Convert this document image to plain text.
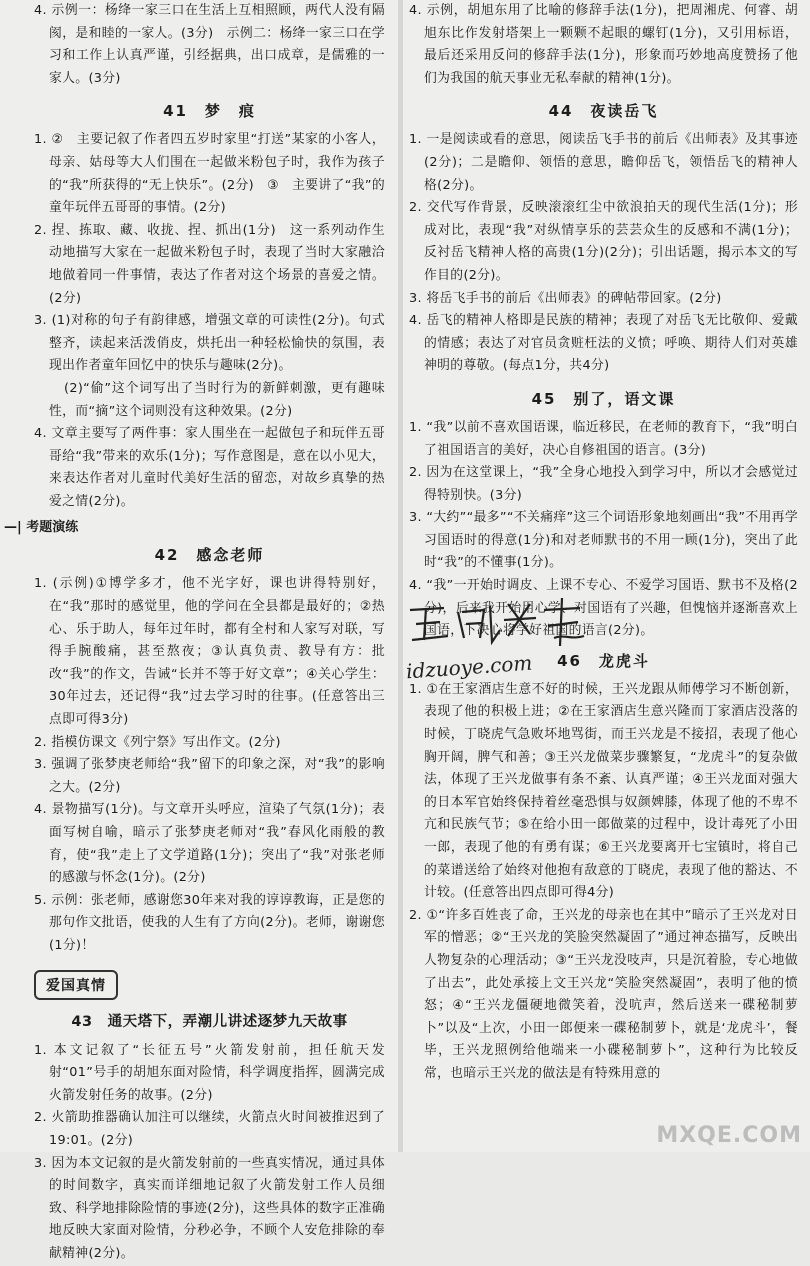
4. 示例一：杨绛一家三口在生活上互相照顾，两代人没有隔阂，是和睦的一家人。(3分)　示例二：杨绛一家三口在学习和工作上认真严谨，引经据典，出口成章，是儒雅的一家人。(3分)

41　梦　痕

1. ②　主要记叙了作者四五岁时家里“打送”某家的小客人，母亲、姑母等大人们围在一起做米粉包子时，我作为孩子的“我”所获得的“无上快乐”。(2分)　③　主要讲了“我”的童年玩伴五哥哥的事情。(2分)

2. 捏、拣取、藏、收拢、捏、抓出(1分)　这一系列动作生动地描写大家在一起做米粉包子时，表现了当时大家融洽地做着同一件事情，表达了作者对这个场景的喜爱之情。(2分)

3. (1)对称的句子有韵律感，增强文章的可读性(2分)。句式整齐，读起来活泼俏皮，烘托出一种轻松愉快的氛围，表现出作者童年回忆中的快乐与趣味(2分)。

(2)“偷”这个词写出了当时行为的新鲜刺激，更有趣味性，而“摘”这个词则没有这种效果。(2分)

4. 文章主要写了两件事：家人围坐在一起做包子和玩伴五哥哥给“我”带来的欢乐(1分)；写作意图是，意在以小见大，来表达作者对儿童时代美好生活的留恋，对故乡真挚的热爱之情(2分)。

—| 考题演练
42　感念老师

1. (示例)①博学多才，他不光字好，课也讲得特别好，在“我”那时的感觉里，他的学问在全县都是最好的；②热心、乐于助人，每年过年时，都有全村和人家写对联，写得手腕酸痛，甚至熬夜；③认真负责、教导有方：批改“我”的作文，告诫“长并不等于好文章”；④关心学生：30年过去，还记得“我”过去学习时的往事。(任意答出三点即可得3分)

2. 指模仿课文《列宁祭》写出作文。(2分)

3. 强调了张梦庚老师给“我”留下的印象之深，对“我”的影响之大。(2分)

4. 景物描写(1分)。与文章开头呼应，渲染了气氛(1分)；表面写树自喻，暗示了张梦庚老师对“我”春风化雨般的教育，使“我”走上了文学道路(1分)；突出了“我”对张老师的感激与怀念(1分)。(2分)

5. 示例：张老师，感谢您30年来对我的谆谆教诲，正是您的那句作文批语，使我的人生有了方向(2分)。老师，谢谢您(1分)！

爱国真情
43　通天塔下，弄潮儿讲述逐梦九天故事

1. 本文记叙了“长征五号”火箭发射前，担任航天发射“01”号手的胡旭东面对险情，科学调度指挥，圆满完成火箭发射任务的故事。(2分)

2. 火箭助推器确认加注可以继续，火箭点火时间被推迟到了19:01。(2分)

3. 因为本文记叙的是火箭发射前的一些真实情况，通过具体的时间数字，真实而详细地记叙了火箭发射工作人员细致、科学地排除险情的事迹(2分)，这些具体的数字正准确地反映大家面对险情，分秒必争，不顾个人安危排除的奉献精神(2分)。

4. 示例，胡旭东用了比喻的修辞手法(1分)，把周湘虎、何睿、胡旭东比作发射塔架上一颗颗不起眼的螺钉(1分)，又引用标语，最后还采用反问的修辞手法(1分)，形象而巧妙地高度赞扬了他们为我国的航天事业无私奉献的精神(1分)。

44　夜读岳飞

1. 一是阅读或看的意思，阅读岳飞手书的前后《出师表》及其事迹(2分)；二是瞻仰、领悟的意思，瞻仰岳飞，领悟岳飞的精神人格(2分)。

2. 交代写作背景，反映滚滚红尘中欲浪拍天的现代生活(1分)；形成对比，表现“我”对纵情享乐的芸芸众生的反感和不满(1分)；反衬岳飞精神人格的高贵(1分)(2分)；引出话题，揭示本文的写作目的(2分)。

3. 将岳飞手书的前后《出师表》的碑帖带回家。(2分)

4. 岳飞的精神人格即是民族的精神；表现了对岳飞无比敬仰、爱戴的情感；表达了对官员贪赃枉法的义愤；呼唤、期待人们对英雄神明的尊敬。(每点1分，共4分)

45　别了，语文课

1. “我”以前不喜欢国语课，临近移民，在老师的教育下，“我”明白了祖国语言的美好，决心自修祖国的语言。(3分)

2. 因为在这堂课上，“我”全身心地投入到学习中，所以才会感觉过得特别快。(3分)

3. “大约”“最多”“不关痛痒”这三个词语形象地刻画出“我”不用再学习国语时的得意(1分)和对老师默书的不用一顾(1分)，突出了此时“我”的不懂事(1分)。

4. “我”一开始时调皮、上课不专心、不爱学习国语、默书不及格(2分)，后来我开始用心学、对国语有了兴趣，但愧恼并逐渐喜欢上国语，下决心将学好祖国的语言(2分)。

46　龙虎斗

1. ①在王家酒店生意不好的时候，王兴龙跟从师傅学习不断创新，表现了他的积极上进；②在王家酒店生意兴隆而丁家酒店没落的时候，丁晓虎气急败坏地骂街，而王兴龙是不接招，表现了他心胸开阔，脾气和善；③王兴龙做菜步骤繁复，“龙虎斗”的复杂做法，体现了王兴龙做事有条不紊、认真严谨；④王兴龙面对强大的日本军官始终保持着丝毫恐惧与奴颜婢膝，体现了他的不卑不亢和民族气节；⑤在给小田一郎做菜的过程中，设计毒死了小田一郎，表现了他的有勇有谋；⑥王兴龙要离开七宝镇时，将自己的菜谱送给了始终对他抱有敌意的丁晓虎，表现了他的豁达、不计较。(任意答出四点即可得4分)

2. ①“许多百姓丧了命，王兴龙的母亲也在其中”暗示了王兴龙对日军的憎恶；②“王兴龙的笑脸突然凝固了”通过神态描写，反映出人物复杂的心理活动；③“王兴龙没吱声，只是沉着脸，专心地做了出去”，此处承接上文王兴龙“笑脸突然凝固”，表明了他的愤怒；④“王兴龙僵硬地微笑着，没吭声，然后送来一碟秘制萝卜”以及“上次，小田一郎便来一碟秘制萝卜，就是‘龙虎斗’，餐毕，王兴龙照例给他端来一小碟秘制萝卜”，这种行为比较反常，也暗示王兴龙的做法是有特殊用意的

idzuoye.com
MXQE.COM
